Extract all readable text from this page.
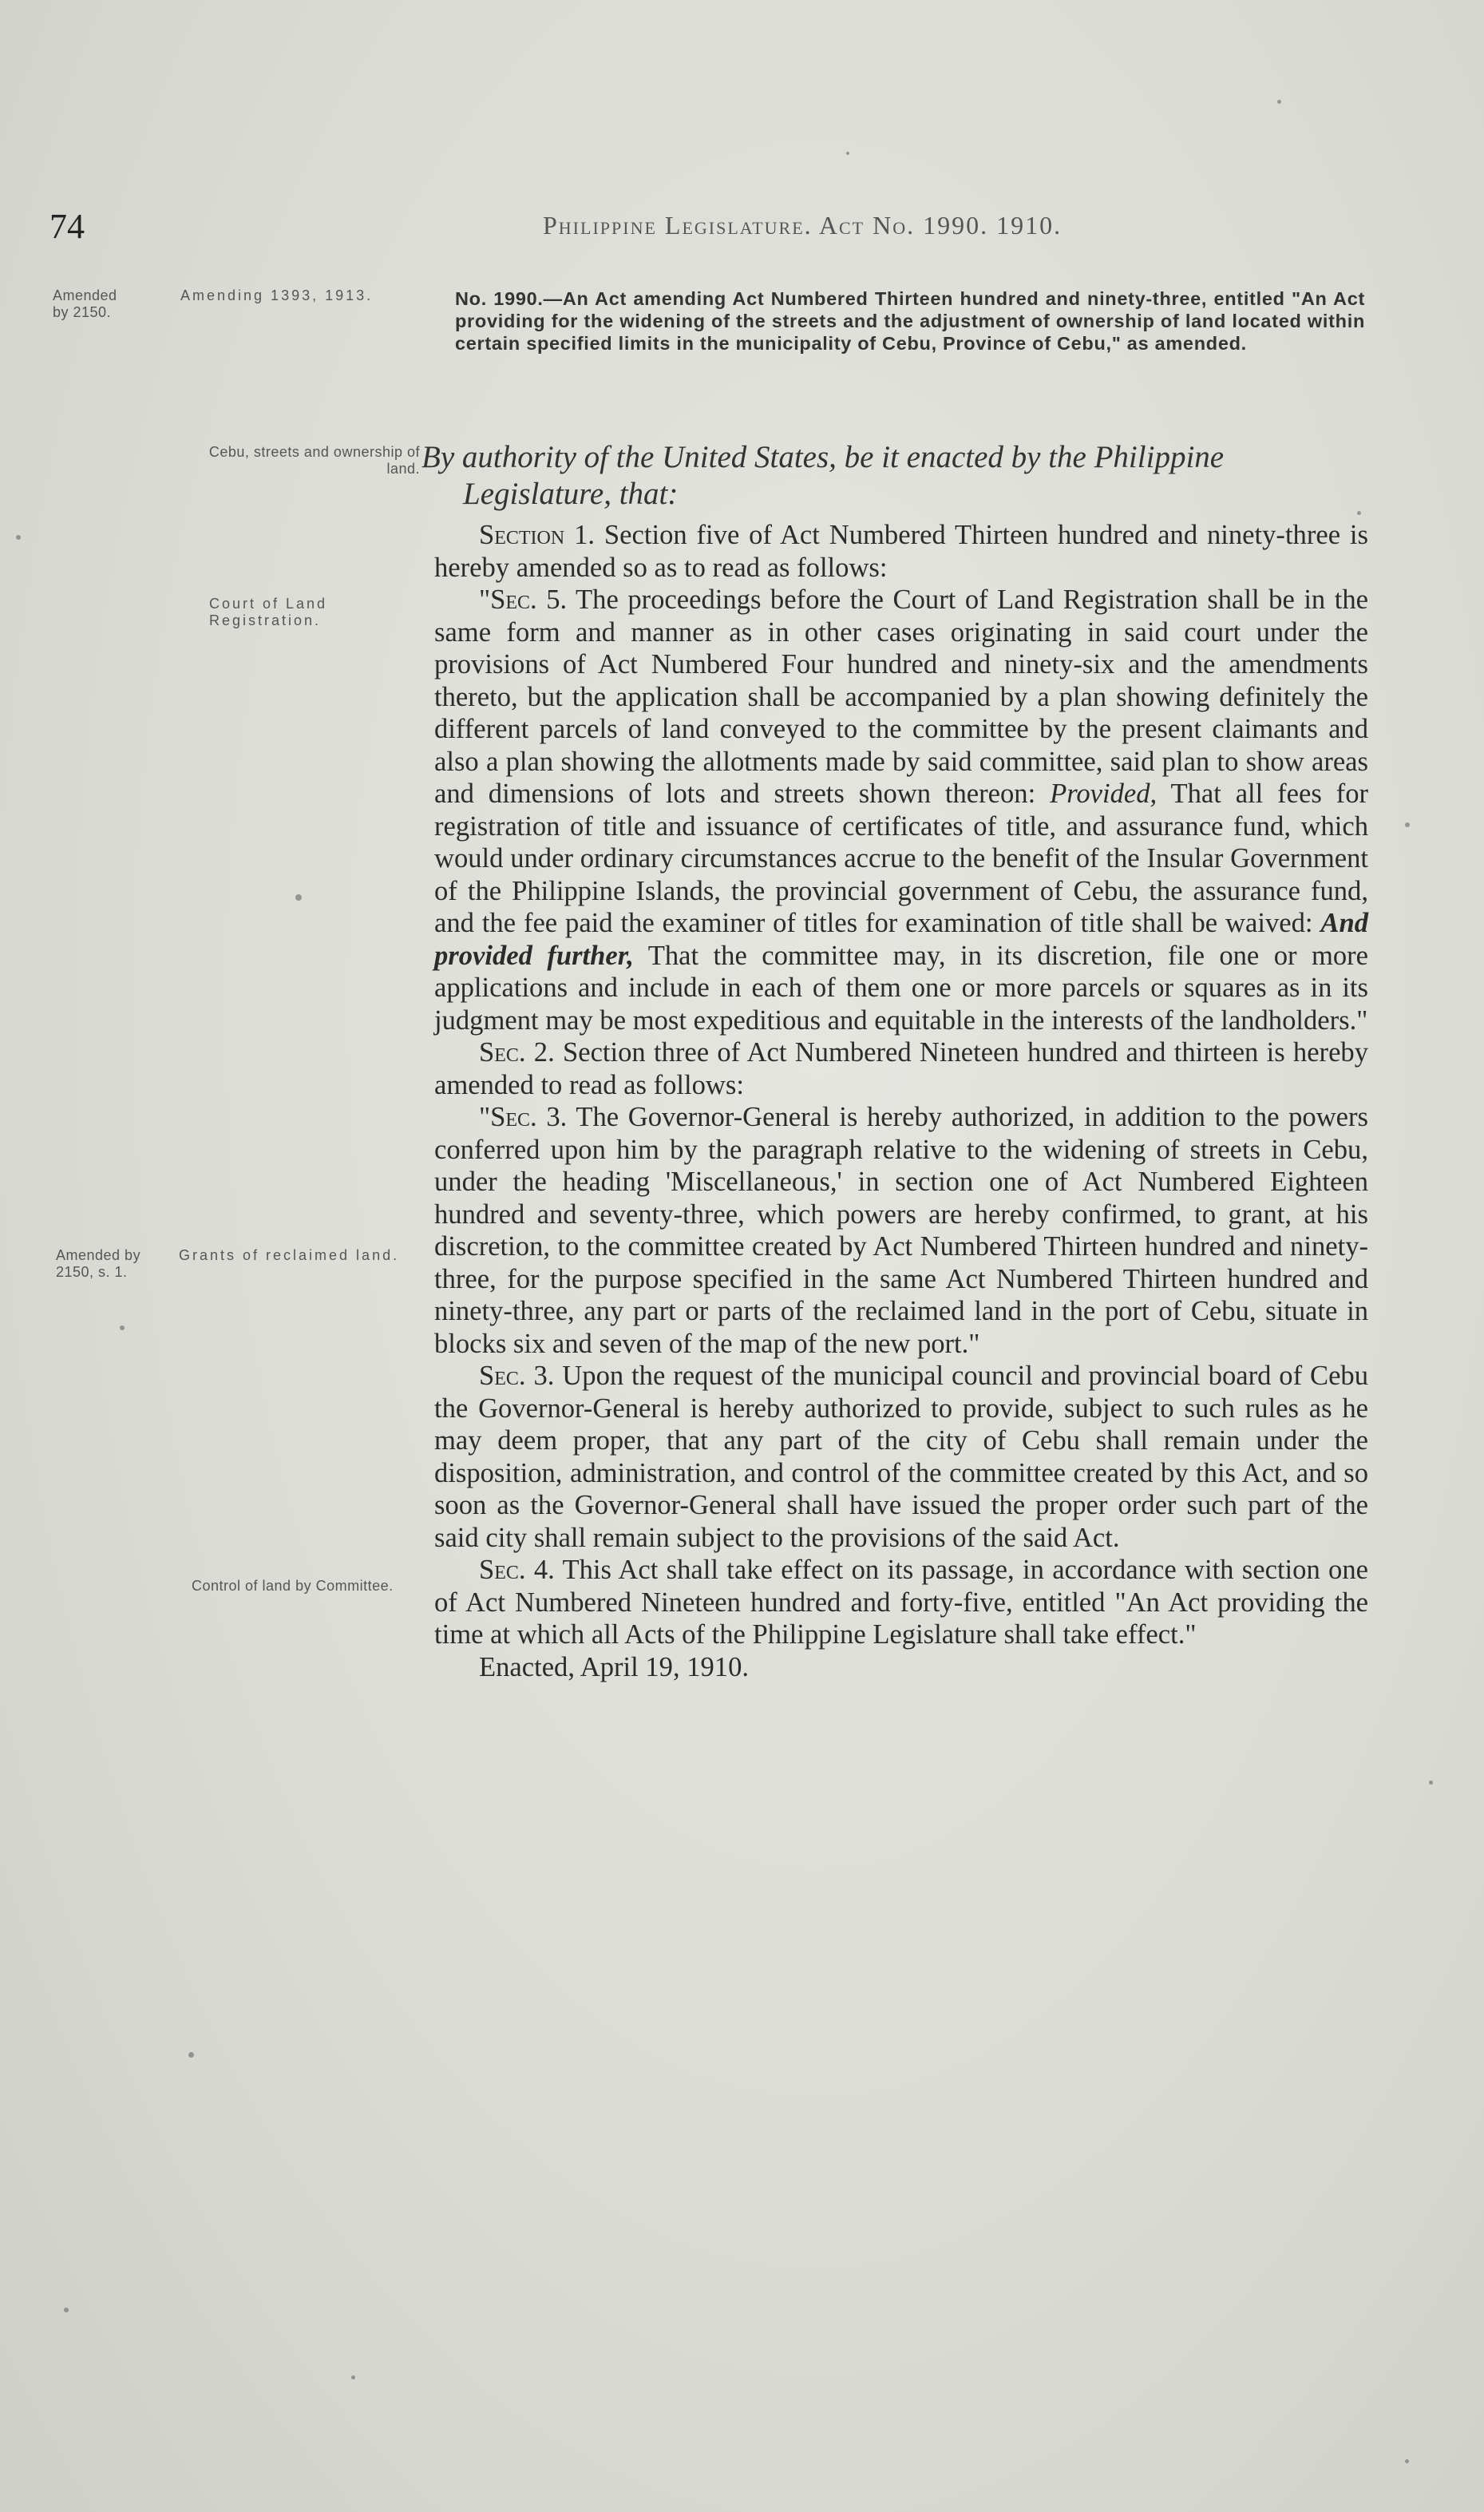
74	Philippine Legislature. Act No. 1990. 1910.
Amended by 2150.
Amending 1393, 1913.
Cebu, streets and ownership of land.
Court of Land Registration.
Amended by 2150, s. 1.
Grants of reclaimed land.
Control of land by Committee.
No. 1990.—An Act amending Act Numbered Thirteen hundred and ninety-three, entitled "An Act providing for the widening of the streets and the adjustment of ownership of land located within certain specified limits in the municipality of Cebu, Province of Cebu," as amended.
By authority of the United States, be it enacted by the Philippine
Legislature, that:

Section 1. Section five of Act Numbered Thirteen hundred and ninety-three is hereby amended so as to read as follows:

"Sec. 5. The proceedings before the Court of Land Registration shall be in the same form and manner as in other cases originating in said court under the provisions of Act Numbered Four hundred and ninety-six and the amendments thereto, but the application shall be accompanied by a plan showing definitely the different parcels of land conveyed to the committee by the present claimants and also a plan showing the allotments made by said committee, said plan to show areas and dimensions of lots and streets shown thereon: Provided, That all fees for registration of title and issuance of certificates of title, and assurance fund, which would under ordinary circumstances accrue to the benefit of the Insular Government of the Philippine Islands, the provincial government of Cebu, the assurance fund, and the fee paid the examiner of titles for examination of title shall be waived: And provided further, That the committee may, in its discretion, file one or more applications and include in each of them one or more parcels or squares as in its judgment may be most expeditious and equitable in the interests of the landholders."

Sec. 2. Section three of Act Numbered Nineteen hundred and thirteen is hereby amended to read as follows:

"Sec. 3. The Governor-General is hereby authorized, in addition to the powers conferred upon him by the paragraph relative to the widening of streets in Cebu, under the heading 'Miscellaneous,' in section one of Act Numbered Eighteen hundred and seventy-three, which powers are hereby confirmed, to grant, at his discretion, to the committee created by Act Numbered Thirteen hundred and ninety-three, for the purpose specified in the same Act Numbered Thirteen hundred and ninety-three, any part or parts of the reclaimed land in the port of Cebu, situate in blocks six and seven of the map of the new port."

Sec. 3. Upon the request of the municipal council and provincial board of Cebu the Governor-General is hereby authorized to provide, subject to such rules as he may deem proper, that any part of the city of Cebu shall remain under the disposition, administration, and control of the committee created by this Act, and so soon as the Governor-General shall have issued the proper order such part of the said city shall remain subject to the provisions of the said Act.

Sec. 4. This Act shall take effect on its passage, in accordance with section one of Act Numbered Nineteen hundred and forty-five, entitled "An Act providing the time at which all Acts of the Philippine Legislature shall take effect."

Enacted, April 19, 1910.
